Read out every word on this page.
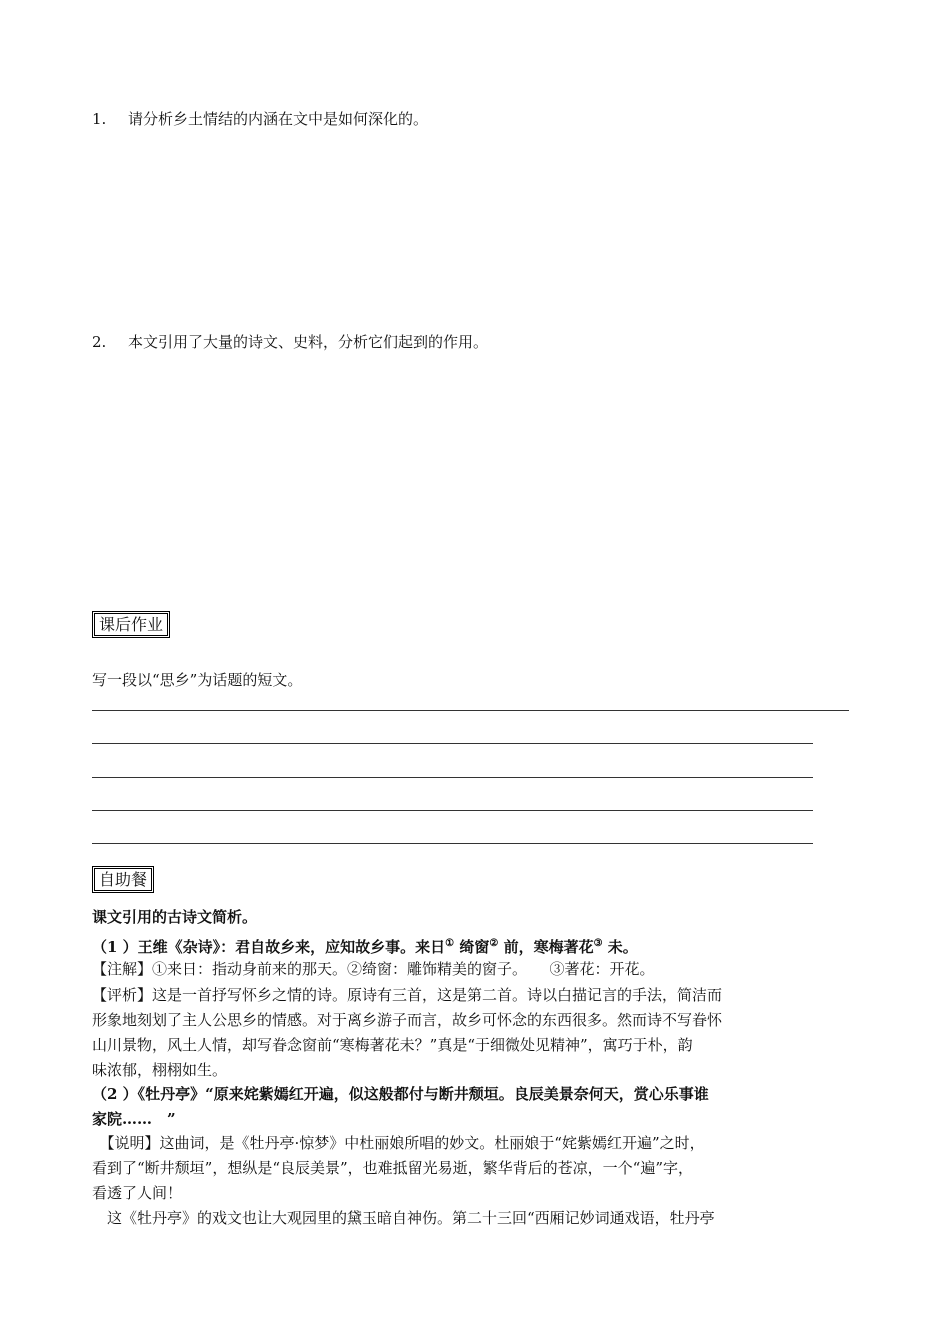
1. 请分析乡土情结的内涵在文中是如何深化的。
2. 本文引用了大量的诗文、史料，分析它们起到的作用。
课后作业
写一段以“思乡”为话题的短文。
自助餐
课文引用的古诗文简析。
（1 ）王维《杂诗》：君自故乡来，应知故乡事。来日① 绮窗② 前，寒梅著花③ 未。
【注解】①来日：指动身前来的那天。②绮窗：雕饰精美的窗子。　　③著花：开花。
【评析】这是一首抒写怀乡之情的诗。原诗有三首，这是第二首。诗以白描记言的手法，简洁而
形象地刻划了主人公思乡的情感。对于离乡游子而言，故乡可怀念的东西很多。然而诗不写眷怀
山川景物，风土人情，却写眷念窗前“寒梅著花未？”真是“于细微处见精神”，寓巧于朴，韵
味浓郁，栩栩如生。
（2 ）《牡丹亭》“原来姹紫嫣红开遍，似这般都付与断井颓垣。良辰美景奈何天，赏心乐事谁
家院……　”
　【说明】这曲词，是《牡丹亭·惊梦》中杜丽娘所唱的妙文。杜丽娘于“姹紫嫣红开遍”之时，
看到了“断井颓垣”，想纵是“良辰美景”，也难抵留光易逝，繁华背后的苍凉，一个“遍”字，
看透了人间！
　这《牡丹亭》的戏文也让大观园里的黛玉暗自神伤。第二十三回“西厢记妙词通戏语，牡丹亭
